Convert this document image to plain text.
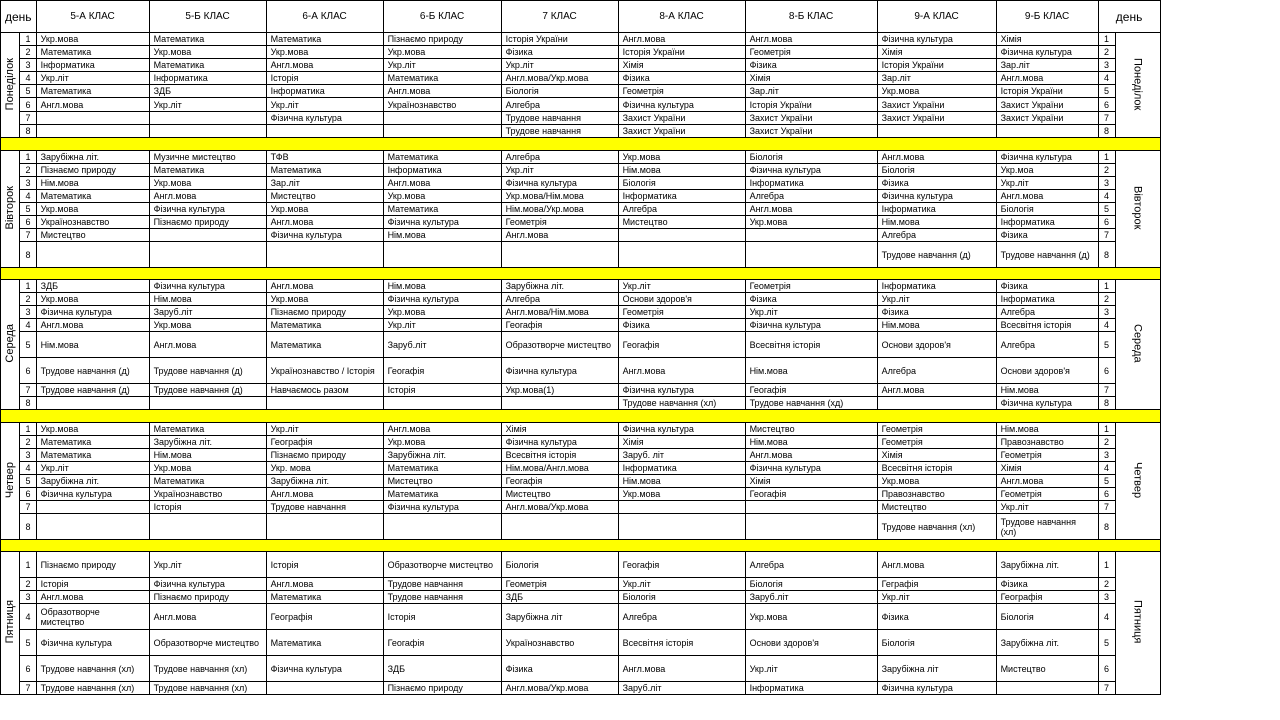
день		5-А КЛАС	5-Б КЛАС	6-А КЛАС	6-Б КЛАС	7 КЛАС	8-А КЛАС	8-Б КЛАС	9-А КЛАС	9-Б КЛАС	день	
Понеділок	1	Укр.мова	Математика	Математика	Пізнаємо природу	Історія України	Англ.мова	Англ.мова	Фізична культура	Хімія	1	Понеділок
	2	Математика	Укр.мова	Укр.мова	Укр.мова	Фізика	Історія України	Геометрія	Хімія	Фізична культура	2	
	3	Інформатика	Математика	Англ.мова	Укр.літ	Укр.літ	Хімія	Фізика	Історія України	Зар.літ	3	
	4	Укр.літ	Інформатика	Історія	Математика	Англ.мова/Укр.мова	Фізика	Хімія	Зар.літ	Англ.мова	4	
	5	Математика	ЗДБ	Інформатика	Англ.мова	Біологія	Геометрія	Зар.літ	Укр.мова	Історія України	5	
	6	Англ.мова	Укр.літ	Укр.літ	Українознавство	Алгебра	Фізична культура	Історія України	Захист України	Захист України	6	
	7			Фізична культура		Трудове навчання	Захист України	Захист України	Захист України	Захист України	7	
	8					Трудове навчання	Захист України	Захист України			8	

Вівторок	1	Зарубіжна літ.	Музичне мистецтво	ТФВ	Математика	Алгебра	Укр.мова	Біологія	Англ.мова	Фізична культура	1	Вівторок
	2	Пізнаємо природу	Математика	Математика	Інформатика	Укр.літ	Нім.мова	Фізична культура	Біологія	Укр.моа	2	
	3	Нім.мова	Укр.мова	Зар.літ	Англ.мова	Фізична культура	Біологія	Інформатика	Фізика	Укр.літ	3	
	4	Математика	Англ.мова	Мистецтво	Укр.мова	Укр.мова/Нім.мова	Інформатика	Алгебра	Фізична культура	Англ.мова	4	
	5	Укр.мова	Фізична культура	Укр.мова	Математика	Нім.мова/Укр.мова	Алгебра	Англ.мова	Інформатика	Біологія	5	
	6	Українознавство	Пізнаємо природу	Англ.мова	Фізична культура	Геометрія	Мистецтво	Укр.мова	Нім.мова	Інформатика	6	
	7	Мистецтво		Фізична культура	Нім.мова	Англ.мова			Алгебра	Фізика	7	
	8								Трудове навчання (д)	Трудове навчання (д)	8	

Середа	1	ЗДБ	Фізична культура	Англ.мова	Нім.мова	Зарубіжна літ.	Укр.літ	Геометрія	Інформатика	Фізика	1	Середа
	2	Укр.мова	Нім.мова	Укр.мова	Фізична культура	Алгебра	Основи здоров'я	Фізика	Укр.літ	Інформатика	2	
	3	Фізична культура	Заруб.літ	Пізнаємо природу	Укр.мова	Англ.мова/Нім.мова	Геометрія	Укр.літ	Фізика	Алгебра	3	
	4	Англ.мова	Укр.мова	Математика	Укр.літ	Геогафія	Фізика	Фізична культура	Нім.мова	Всесвітня історія	4	
	5	Нім.мова	Англ.мова	Математика	Заруб.літ	Образотворче мистецтво	Геогафія	Всесвітня історія	Основи здоров'я	Алгебра	5	
	6	Трудове навчання (д)	Трудове навчання (д)	Українознавство / Історія	Геогафія	Фізична культура	Англ.мова	Нім.мова	Алгебра	Основи здоров'я	6	
	7	Трудове навчання (д)	Трудове навчання (д)	Навчаємось разом	Історія	Укр.мова(1)	Фізична культура	Геогафія	Англ.мова	Нім.мова	7	
	8						Трудове навчання (хл)	Трудове навчання (хд)		Фізична культура	8	

Четвер	1	Укр.мова	Математика	Укр.літ	Англ.мова	Хімія	Фізична культура	Мистецтво	Геометрія	Нім.мова	1	Четвер
	2	Математика	Зарубіжна літ.	Географія	Укр.мова	Фізична культура	Хімія	Нім.мова	Геометрія	Правознавство	2	
	3	Математика	Нім.мова	Пізнаємо природу	Зарубіжна літ.	Всесвітня історія	Заруб. літ	Англ.мова	Хімія	Геометрія	3	
	4	Укр.літ	Укр.мова	Укр. мова	Математика	Нім.мова/Англ.мова	Інформатика	Фізична культура	Всесвітня історія	Хімія	4	
	5	Зарубіжна літ.	Математика	Зарубіжна літ.	Мистецтво	Геогафія	Нім.мова	Хімія	Укр.мова	Англ.мова	5	
	6	Фізична культура	Українознавство	Англ.мова	Математика	Мистецтво	Укр.мова	Геогафія	Правознавство	Геометрія	6	
	7		Історія	Трудове навчання	Фізична культура	Англ.мова/Укр.мова			Мистецтво	Укр.літ	7	
	8								Трудове навчання (хл)	Трудове навчання (хл)	8	

Пятниця	1	Пізнаємо природу	Укр.літ	Історія	Образотворче мистецтво	Біологія	Геогафія	Алгебра	Англ.мова	Зарубіжна літ.	1	Пятниця
	2	Історія	Фізична культура	Англ.мова	Трудове навчання	Геометрія	Укр.літ	Біологія	Геграфія	Фізика	2	
	3	Англ.мова	Пізнаємо природу	Математика	Трудове навчання	ЗДБ	Біологія	Заруб.літ	Укр.літ	Географія	3	
	4	Образотворче мистецтво	Англ.мова	Географія	Історія	Зарубіжна літ	Алгебра	Укр.мова	Фізика	Біологія	4	
	5	Фізична культура	Образотворче мистецтво	Математика	Геогафія	Українознавство	Всесвітня історія	Основи здоров'я	Біологія	Зарубіжна літ.	5	
	6	Трудове навчання (хл)	Трудове навчання (хл)	Фізична культура	ЗДБ	Фізика	Англ.мова	Укр.літ	Зарубіжна літ	Мистецтво	6	
	7	Трудове навчання (хл)	Трудове навчання (хл)		Пізнаємо природу	Англ.мова/Укр.мова	Заруб.літ	Інформатика	Фізична культура		7	
